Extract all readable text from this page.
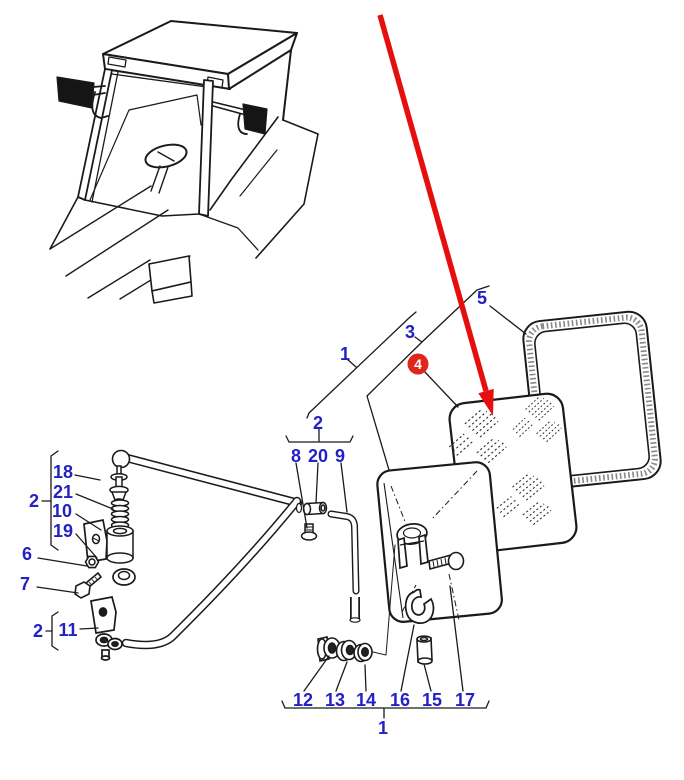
4
5
3
1
2
8 20 9
18
21
10
19
2
6
7
2 11
12 13 14 16 15 17
1
